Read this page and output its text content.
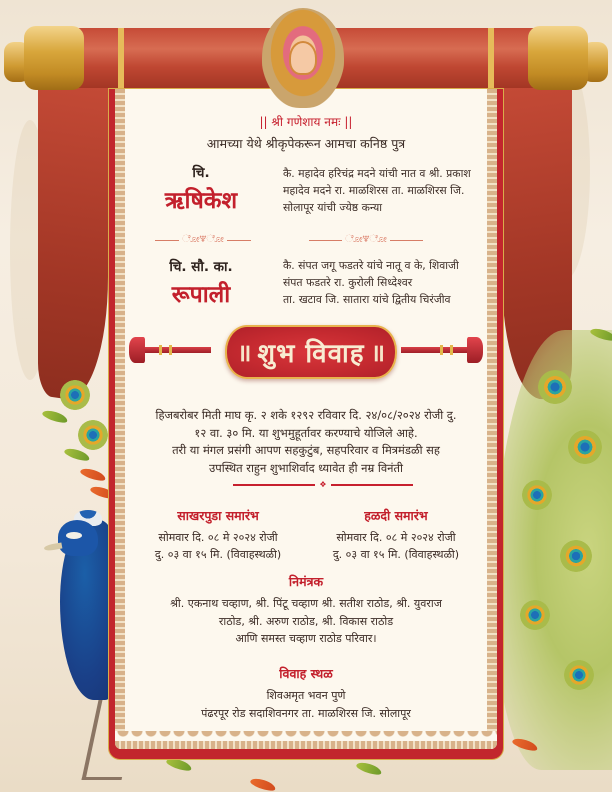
|| श्री गणेशाय नमः ||
आमच्या येथे श्रीकृपेकरून आमचा कनिष्ठ पुत्र
चि.
ऋषिकेश
कै. महादेव हरिचंद्र मदने यांची नात व श्री. प्रकाश
महादेव मदने रा. माळशिरस ता. माळशिरस जि.
सोलापूर यांची ज्येष्ठ कन्या
ೋ♆ೋ	ೋ♆ೋ
चि. सौ. का.
रूपाली
कै. संपत जगू फडतरे यांचे नातू व के, शिवाजी
संपत फडतरे रा. कुरोली सिध्देश्वर
ता. खटाव जि. सातारा यांचे द्वितीय चिरंजीव
॥ शुभ विवाह ॥
हिजबरोबर मिती माघ कृ. २ शके १२९२ रविवार दि. २४/०८/२०२४ रोजी दु.
१२ वा. ३० मि. या शुभमुहूर्तावर करण्याचे योजिले आहे.
तरी या मंगल प्रसंगी आपण सहकुटुंब, सहपरिवार व मित्रमंडळी सह
उपस्थित राहुन शुभाशिर्वाद ध्यावेत ही नम्र विनंती
❖
साखरपुडा समारंभ

सोमवार दि. ०८ मे २०२४ रोजी

दु. ०३ वा १५ मि. (विवाहस्थळी)

हळदी समारंभ

सोमवार दि. ०८ मे २०२४ रोजी

दु. ०३ वा १५ मि. (विवाहस्थळी)

निमंत्रक

श्री. एकनाथ चव्हाण, श्री. पिंटू चव्हाण श्री. सतीश राठोड, श्री. युवराज

राठोड, श्री. अरुण राठोड, श्री. विकास राठोड

आणि समस्त चव्हाण राठोड परिवार।

विवाह स्थळ

शिवअमृत भवन पुणे

पंढरपूर रोड सदाशिवनगर ता. माळशिरस जि. सोलापूर
